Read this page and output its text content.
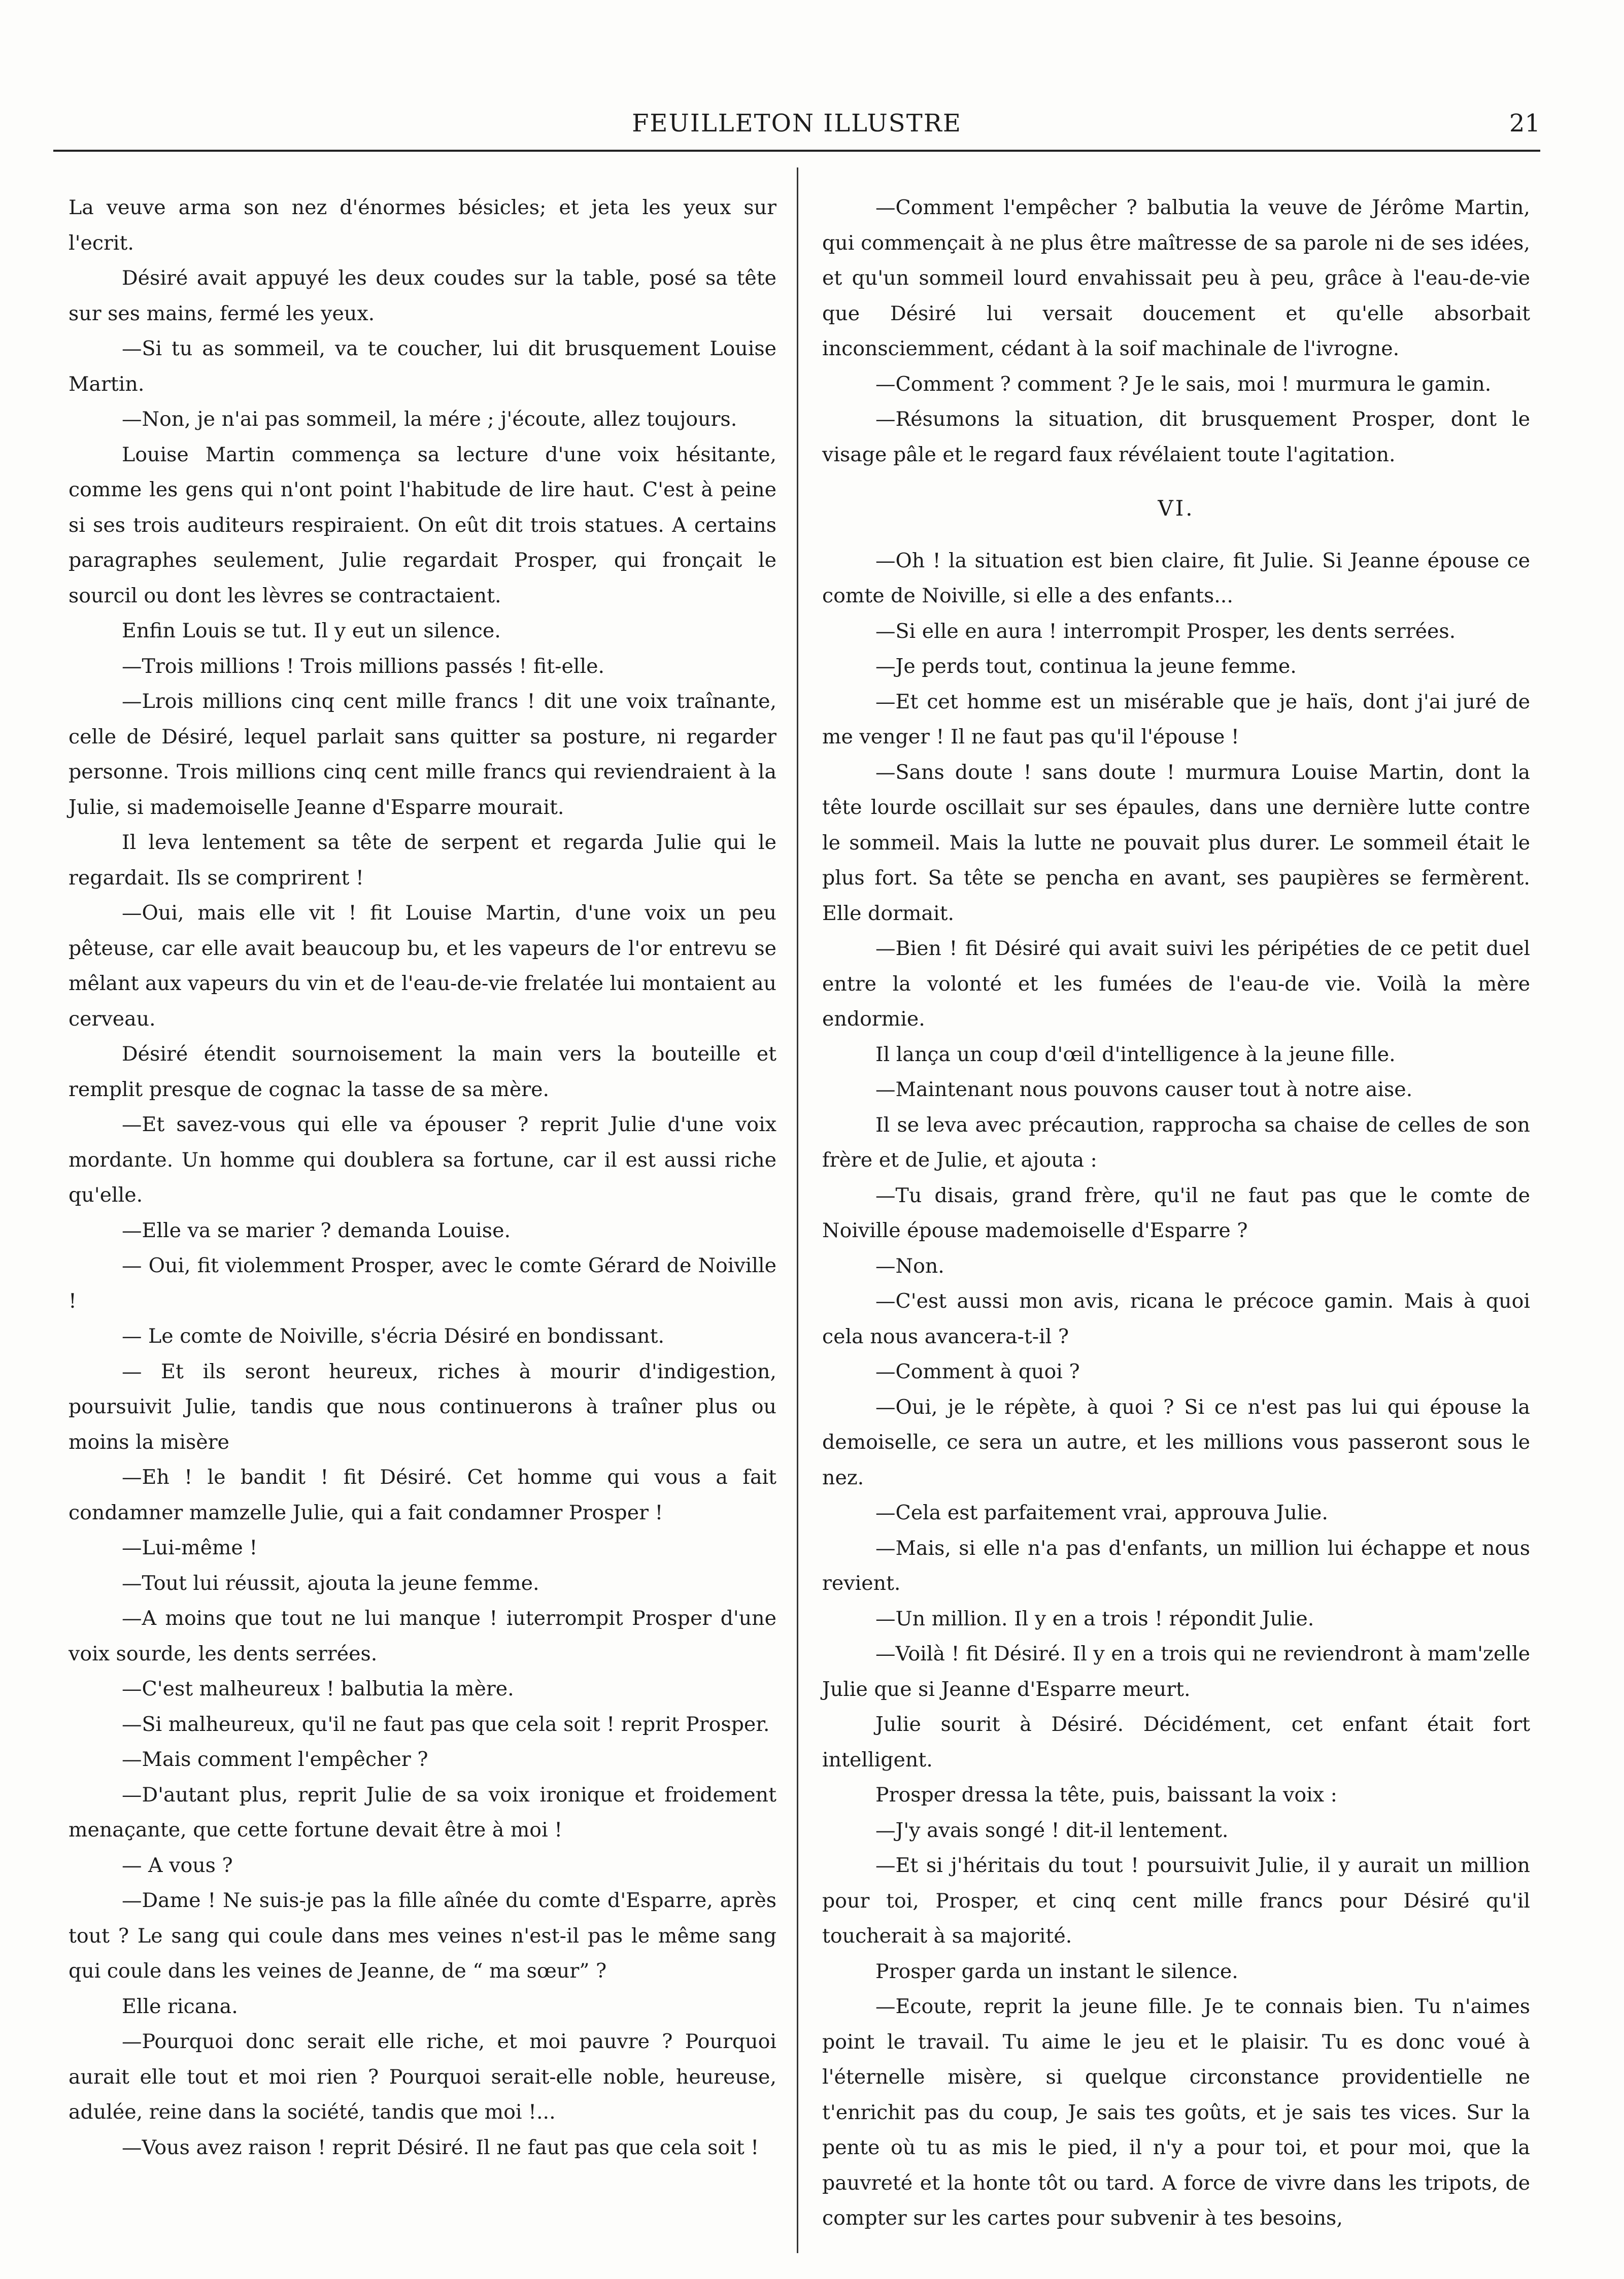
FEUILLETON ILLUSTRE	21

La veuve arma son nez d'énormes bésicles; et jeta les yeux sur l'ecrit.

Désiré avait appuyé les deux coudes sur la table, posé sa tête sur ses mains, fermé les yeux.

—Si tu as sommeil, va te coucher, lui dit brusquement Louise Martin.

—Non, je n'ai pas sommeil, la mére ; j'écoute, allez toujours.

Louise Martin commença sa lecture d'une voix hésitante, comme les gens qui n'ont point l'habitude de lire haut. C'est à peine si ses trois auditeurs respiraient. On eût dit trois statues. A certains paragraphes seulement, Julie regardait Prosper, qui fronçait le sourcil ou dont les lèvres se contractaient.

Enfin Louis se tut. Il y eut un silence.

—Trois millions ! Trois millions passés ! fit-elle.

—Lrois millions cinq cent mille francs ! dit une voix traînante, celle de Désiré, lequel parlait sans quitter sa posture, ni regarder personne. Trois millions cinq cent mille francs qui reviendraient à la Julie, si mademoiselle Jeanne d'Esparre mourait.

Il leva lentement sa tête de serpent et regarda Julie qui le regardait. Ils se comprirent !

—Oui, mais elle vit ! fit Louise Martin, d'une voix un peu pêteuse, car elle avait beaucoup bu, et les vapeurs de l'or entrevu se mêlant aux vapeurs du vin et de l'eau-de-vie frelatée lui montaient au cerveau.

Désiré étendit sournoisement la main vers la bouteille et remplit presque de cognac la tasse de sa mère.

—Et savez-vous qui elle va épouser ? reprit Julie d'une voix mordante. Un homme qui doublera sa fortune, car il est aussi riche qu'elle.

—Elle va se marier ? demanda Louise.

— Oui, fit violemment Prosper, avec le comte Gérard de Noiville !

— Le comte de Noiville, s'écria Désiré en bondissant.

— Et ils seront heureux, riches à mourir d'indigestion, poursuivit Julie, tandis que nous continuerons à traîner plus ou moins la misère

—Eh ! le bandit ! fit Désiré. Cet homme qui vous a fait condamner mamzelle Julie, qui a fait condamner Prosper !

—Lui-même !

—Tout lui réussit, ajouta la jeune femme.

—A moins que tout ne lui manque ! iuterrompit Prosper d'une voix sourde, les dents serrées.

—C'est malheureux ! balbutia la mère.

—Si malheureux, qu'il ne faut pas que cela soit ! reprit Prosper.

—Mais comment l'empêcher ?

—D'autant plus, reprit Julie de sa voix ironique et froidement menaçante, que cette fortune devait être à moi !

— A vous ?

—Dame ! Ne suis-je pas la fille aînée du comte d'Esparre, après tout ? Le sang qui coule dans mes veines n'est-il pas le même sang qui coule dans les veines de Jeanne, de “ ma sœur” ?

Elle ricana.

—Pourquoi donc serait elle riche, et moi pauvre ? Pourquoi aurait elle tout et moi rien ? Pourquoi serait-elle noble, heureuse, adulée, reine dans la société, tandis que moi !...

—Vous avez raison ! reprit Désiré. Il ne faut pas que cela soit !

—Comment l'empêcher ? balbutia la veuve de Jérôme Martin, qui commençait à ne plus être maîtresse de sa parole ni de ses idées, et qu'un sommeil lourd envahissait peu à peu, grâce à l'eau-de-vie que Désiré lui versait doucement et qu'elle absorbait inconsciemment, cédant à la soif machinale de l'ivrogne.

—Comment ? comment ? Je le sais, moi ! murmura le gamin.

—Résumons la situation, dit brusquement Prosper, dont le visage pâle et le regard faux révélaient toute l'agitation.

VI.

—Oh ! la situation est bien claire, fit Julie. Si Jeanne épouse ce comte de Noiville, si elle a des enfants...

—Si elle en aura ! interrompit Prosper, les dents serrées.

—Je perds tout, continua la jeune femme.

—Et cet homme est un misérable que je haïs, dont j'ai juré de me venger ! Il ne faut pas qu'il l'épouse !

—Sans doute ! sans doute ! murmura Louise Martin, dont la tête lourde oscillait sur ses épaules, dans une dernière lutte contre le sommeil. Mais la lutte ne pouvait plus durer. Le sommeil était le plus fort. Sa tête se pencha en avant, ses paupières se fermèrent. Elle dormait.

—Bien ! fit Désiré qui avait suivi les péripéties de ce petit duel entre la volonté et les fumées de l'eau-de vie. Voilà la mère endormie.

Il lança un coup d'œil d'intelligence à la jeune fille.

—Maintenant nous pouvons causer tout à notre aise.

Il se leva avec précaution, rapprocha sa chaise de celles de son frère et de Julie, et ajouta :

—Tu disais, grand frère, qu'il ne faut pas que le comte de Noiville épouse mademoiselle d'Esparre ?

—Non.

—C'est aussi mon avis, ricana le précoce gamin. Mais à quoi cela nous avancera-t-il ?

—Comment à quoi ?

—Oui, je le répète, à quoi ? Si ce n'est pas lui qui épouse la demoiselle, ce sera un autre, et les millions vous passeront sous le nez.

—Cela est parfaitement vrai, approuva Julie.

—Mais, si elle n'a pas d'enfants, un million lui échappe et nous revient.

—Un million. Il y en a trois ! répondit Julie.

—Voilà ! fit Désiré. Il y en a trois qui ne reviendront à mam'zelle Julie que si Jeanne d'Esparre meurt.

Julie sourit à Désiré. Décidément, cet enfant était fort intelligent.

Prosper dressa la tête, puis, baissant la voix :

—J'y avais songé ! dit-il lentement.

—Et si j'héritais du tout ! poursuivit Julie, il y aurait un million pour toi, Prosper, et cinq cent mille francs pour Désiré qu'il toucherait à sa majorité.

Prosper garda un instant le silence.

—Ecoute, reprit la jeune fille. Je te connais bien. Tu n'aimes point le travail. Tu aime le jeu et le plaisir. Tu es donc voué à l'éternelle misère, si quelque circonstance providentielle ne t'enrichit pas du coup, Je sais tes goûts, et je sais tes vices. Sur la pente où tu as mis le pied, il n'y a pour toi, et pour moi, que la pauvreté et la honte tôt ou tard. A force de vivre dans les tripots, de compter sur les cartes pour subvenir à tes besoins,
